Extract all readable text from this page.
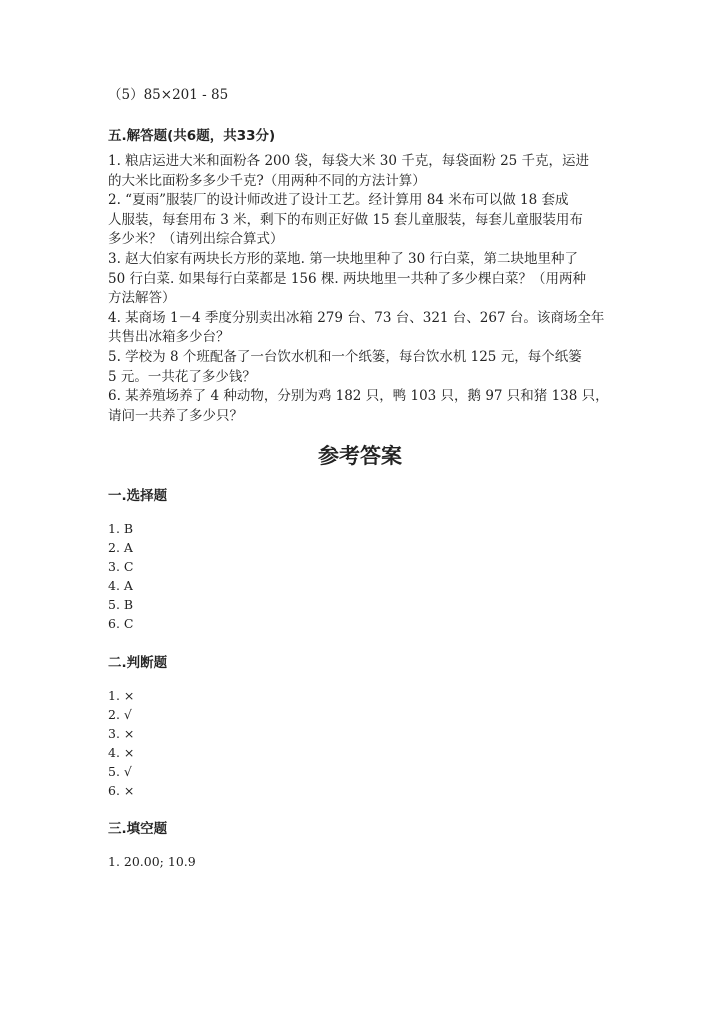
（5）85×201 - 85
五.解答题(共6题，共33分)
1. 粮店运进大米和面粉各 200 袋，每袋大米 30 千克，每袋面粉 25 千克，运进
的大米比面粉多多少千克?（用两种不同的方法计算）
2. “夏雨”服装厂的设计师改进了设计工艺。经计算用 84 米布可以做 18 套成
人服装，每套用布 3 米，剩下的布则正好做 15 套儿童服装，每套儿童服装用布
多少米？（请列出综合算式）
3. 赵大伯家有两块长方形的菜地. 第一块地里种了 30 行白菜，第二块地里种了
50 行白菜. 如果每行白菜都是 156 棵. 两块地里一共种了多少棵白菜？（用两种
方法解答）
4. 某商场 1－4 季度分别卖出冰箱 279 台、73 台、321 台、267 台。该商场全年
共售出冰箱多少台？
5. 学校为 8 个班配备了一台饮水机和一个纸篓，每台饮水机 125 元，每个纸篓
5 元。一共花了多少钱？
6. 某养殖场养了 4 种动物，分别为鸡 182 只，鸭 103 只，鹅 97 只和猪 138 只，
请问一共养了多少只？
参考答案
一.选择题
1. B
2. A
3. C
4. A
5. B
6. C
二.判断题
1. ×
2. √
3. ×
4. ×
5. √
6. ×
三.填空题
1. 20.00; 10.9
